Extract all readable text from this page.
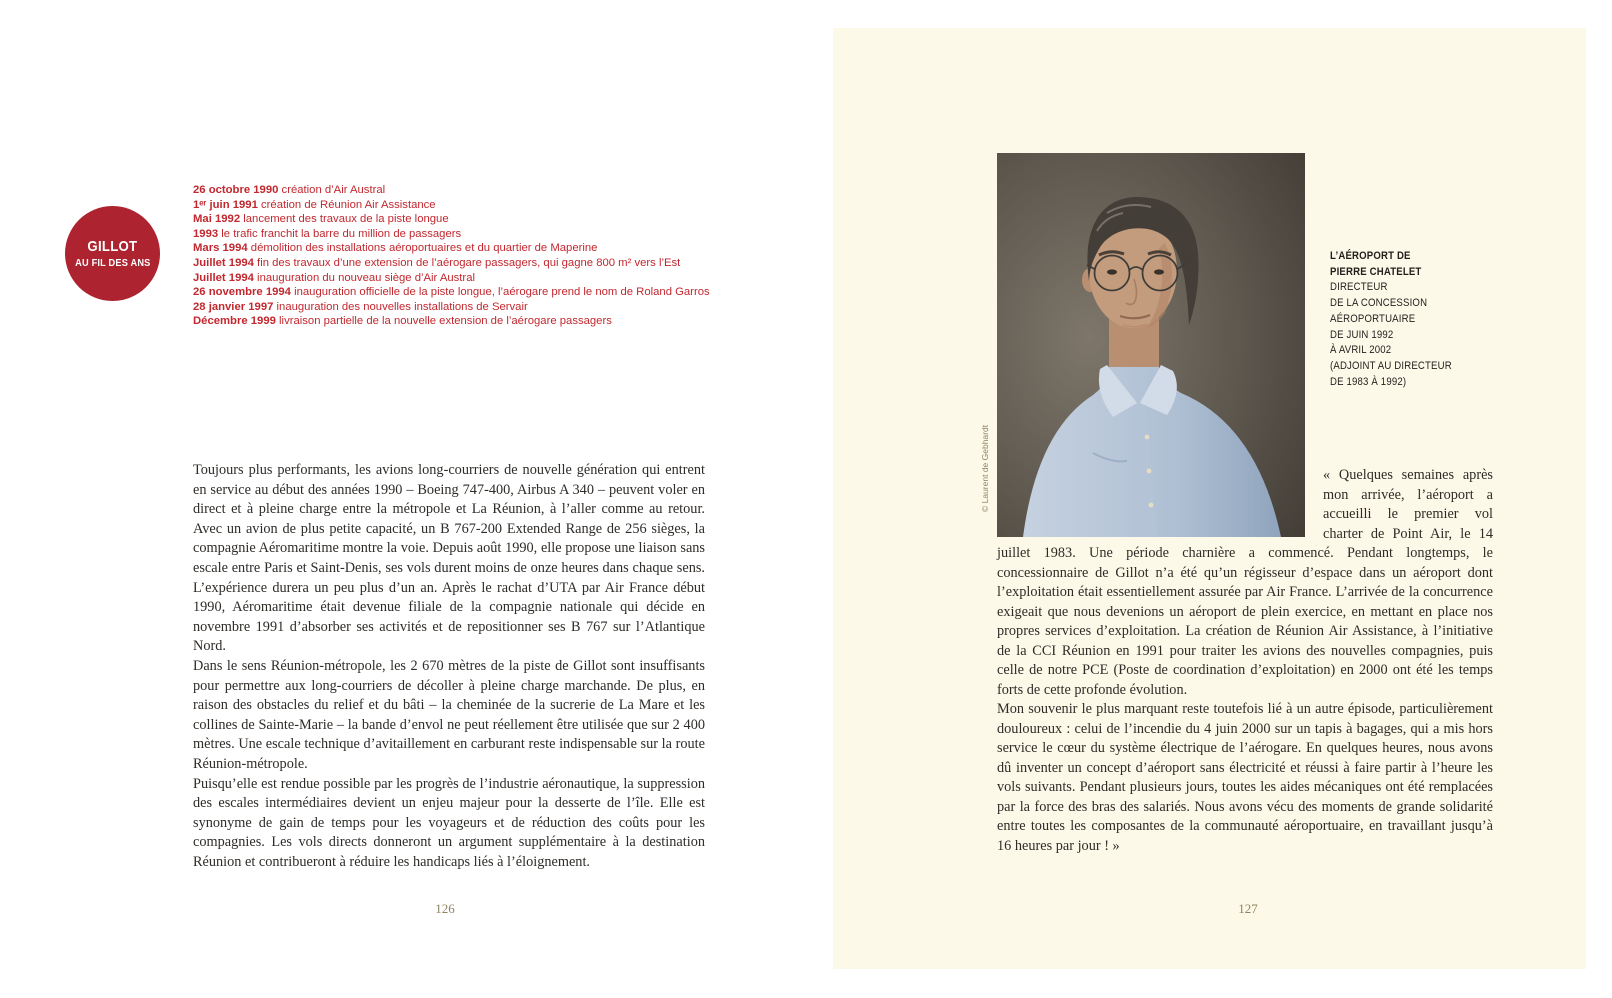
GILLOT
AU FIL DES ANS
26 octobre 1990 création d’Air Austral
1ᵉʳ juin 1991 création de Réunion Air Assistance
Mai 1992 lancement des travaux de la piste longue
1993 le trafic franchit la barre du million de passagers
Mars 1994 démolition des installations aéroportuaires et du quartier de Maperine
Juillet 1994 fin des travaux d’une extension de l’aérogare passagers, qui gagne 800 m² vers l’Est
Juillet 1994 inauguration du nouveau siège d’Air Austral
26 novembre 1994 inauguration officielle de la piste longue, l’aérogare prend le nom de Roland Garros
28 janvier 1997 inauguration des nouvelles installations de Servair
Décembre 1999 livraison partielle de la nouvelle extension de l’aérogare passagers

Toujours plus performants, les avions long-courriers de nouvelle génération qui entrent en service au début des années 1990 – Boeing 747-400, Airbus A 340 – peuvent voler en direct et à pleine charge entre la métropole et La Réunion, à l’aller comme au retour. Avec un avion de plus petite capacité, un B 767-200 Extended Range de 256 sièges, la compagnie Aéromaritime montre la voie. Depuis août 1990, elle propose une liaison sans escale entre Paris et Saint-Denis, ses vols durent moins de onze heures dans chaque sens. L’expérience durera un peu plus d’un an. Après le rachat d’UTA par Air France début 1990, Aéromaritime était devenue filiale de la compagnie nationale qui décide en novembre 1991 d’absorber ses activités et de repositionner ses B 767 sur l’Atlantique Nord.

Dans le sens Réunion-métropole, les 2 670 mètres de la piste de Gillot sont insuffisants pour permettre aux long-courriers de décoller à pleine charge marchande. De plus, en raison des obstacles du relief et du bâti – la cheminée de la sucrerie de La Mare et les collines de Sainte-Marie – la bande d’envol ne peut réellement être utilisée que sur 2 400 mètres. Une escale technique d’avitaillement en carburant reste indispensable sur la route Réunion-métropole.

Puisqu’elle est rendue possible par les progrès de l’industrie aéronautique, la suppression des escales intermédiaires devient un enjeu majeur pour la desserte de l’île. Elle est synonyme de gain de temps pour les voyageurs et de réduction des coûts pour les compagnies. Les vols directs donneront un argument supplémentaire à la destination Réunion et contribueront à réduire les handicaps liés à l’éloignement.

126
© Laurent de Gebhardt
L’AÉROPORT DE
PIERRE CHATELET
DIRECTEUR
DE LA CONCESSION
AÉROPORTUAIRE
DE JUIN 1992
À AVRIL 2002
(ADJOINT AU DIRECTEUR
DE 1983 À 1992)

« Quelques semaines après mon arrivée, l’aéroport a accueilli le premier vol charter de Point Air, le 14 juillet 1983. Une période charnière a commencé. Pendant longtemps, le concessionnaire de Gillot n’a été qu’un régisseur d’espace dans un aéroport dont l’exploitation était essentiellement assurée par Air France. L’arrivée de la concurrence exigeait que nous devenions un aéroport de plein exercice, en mettant en place nos propres services d’exploitation. La création de Réunion Air Assistance, à l’initiative de la CCI Réunion en 1991 pour traiter les avions des nouvelles compagnies, puis celle de notre PCE (Poste de coordination d’exploitation) en 2000 ont été les temps forts de cette profonde évolution.

Mon souvenir le plus marquant reste toutefois lié à un autre épisode, particulièrement douloureux : celui de l’incendie du 4 juin 2000 sur un tapis à bagages, qui a mis hors service le cœur du système électrique de l’aérogare. En quelques heures, nous avons dû inventer un concept d’aéroport sans électricité et réussi à faire partir à l’heure les vols suivants. Pendant plusieurs jours, toutes les aides mécaniques ont été remplacées par la force des bras des salariés. Nous avons vécu des moments de grande solidarité entre toutes les composantes de la communauté aéroportuaire, en travaillant jusqu’à 16 heures par jour ! »

127
